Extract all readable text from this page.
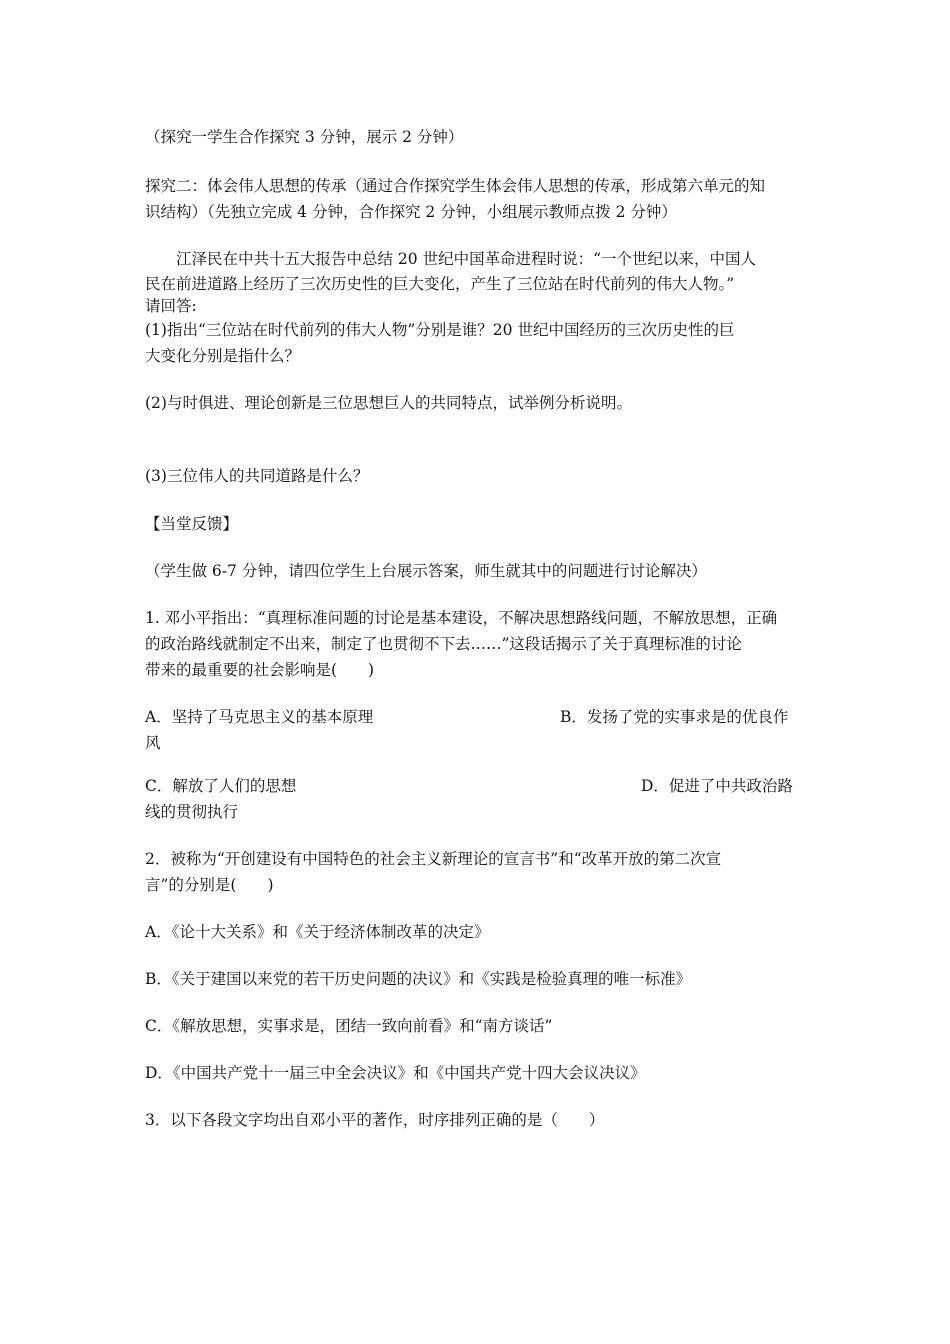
（探究一学生合作探究 3 分钟，展示 2 分钟）
探究二：体会伟人思想的传承（通过合作探究学生体会伟人思想的传承，形成第六单元的知
识结构）（先独立完成 4 分钟，合作探究 2 分钟，小组展示教师点拨 2 分钟）
江泽民在中共十五大报告中总结 20 世纪中国革命进程时说：“一个世纪以来，中国人
民在前进道路上经历了三次历史性的巨大变化，产生了三位站在时代前列的伟大人物。”
请回答:
(1)指出“三位站在时代前列的伟大人物”分别是谁？20 世纪中国经历的三次历史性的巨
大变化分别是指什么？
(2)与时俱进、理论创新是三位思想巨人的共同特点，试举例分析说明。
(3)三位伟人的共同道路是什么？
【当堂反馈】
（学生做 6-7 分钟，请四位学生上台展示答案，师生就其中的问题进行讨论解决）
1. 邓小平指出：“真理标准问题的讨论是基本建设，不解决思想路线问题，不解放思想，正确
的政治路线就制定不出来，制定了也贯彻不下去……”这段话揭示了关于真理标准的讨论
带来的最重要的社会影响是(　　)
A．坚持了马克思主义的基本原理	B．发扬了党的实事求是的优良作
风
C．解放了人们的思想	D．促进了中共政治路
线的贯彻执行
2．被称为“开创建设有中国特色的社会主义新理论的宣言书”和“改革开放的第二次宣
言”的分别是(　　)
A．《论十大关系》和《关于经济体制改革的决定》
B．《关于建国以来党的若干历史问题的决议》和《实践是检验真理的唯一标准》
C．《解放思想，实事求是，团结一致向前看》和“南方谈话”
D．《中国共产党十一届三中全会决议》和《中国共产党十四大会议决议》
3．以下各段文字均出自邓小平的著作，时序排列正确的是（　　）
